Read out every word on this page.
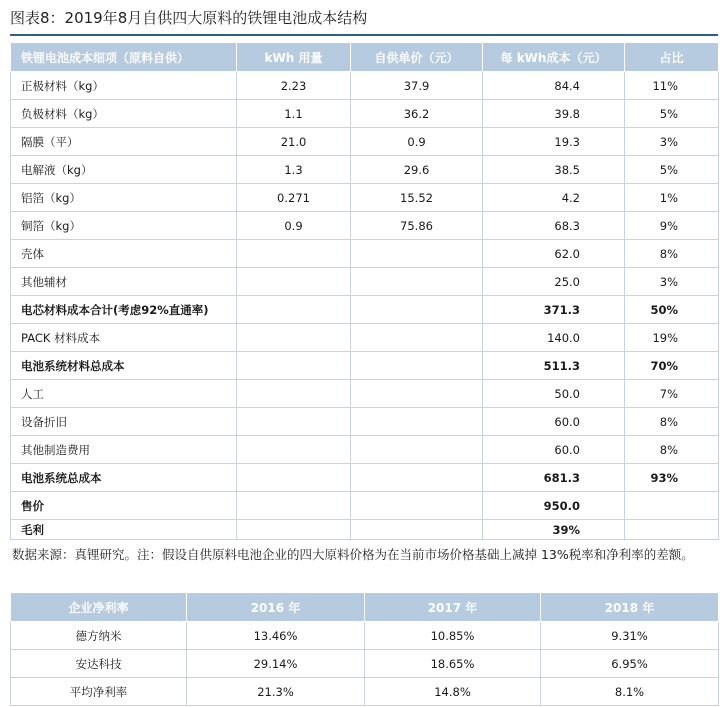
图表8：2019年8月自供四大原料的铁锂电池成本结构
铁锂电池成本细项（原料自供）	kWh 用量	自供单价（元）	每 kWh成本（元）	占比
正极材料（kg）	2.23	37.9	84.4	11%
负极材料（kg）	1.1	36.2	39.8	5%
隔膜（平）	21.0	0.9	19.3	3%
电解液（kg）	1.3	29.6	38.5	5%
铝箔（kg）	0.271	15.52	4.2	1%
铜箔（kg）	0.9	75.86	68.3	9%
壳体			62.0	8%
其他辅材			25.0	3%
电芯材料成本合计(考虑92%直通率)			371.3	50%
PACK 材料成本			140.0	19%
电池系统材料总成本			511.3	70%
人工			50.0	7%
设备折旧			60.0	8%
其他制造费用			60.0	8%
电池系统总成本			681.3	93%
售价			950.0	
毛利			39%	
数据来源：真锂研究。注：假设自供原料电池企业的四大原料价格为在当前市场价格基础上减掉 13%税率和净利率的差额。
企业净利率	2016 年	2017 年	2018 年
德方纳米	13.46%	10.85%	9.31%
安达科技	29.14%	18.65%	6.95%
平均净利率	21.3%	14.8%	8.1%
